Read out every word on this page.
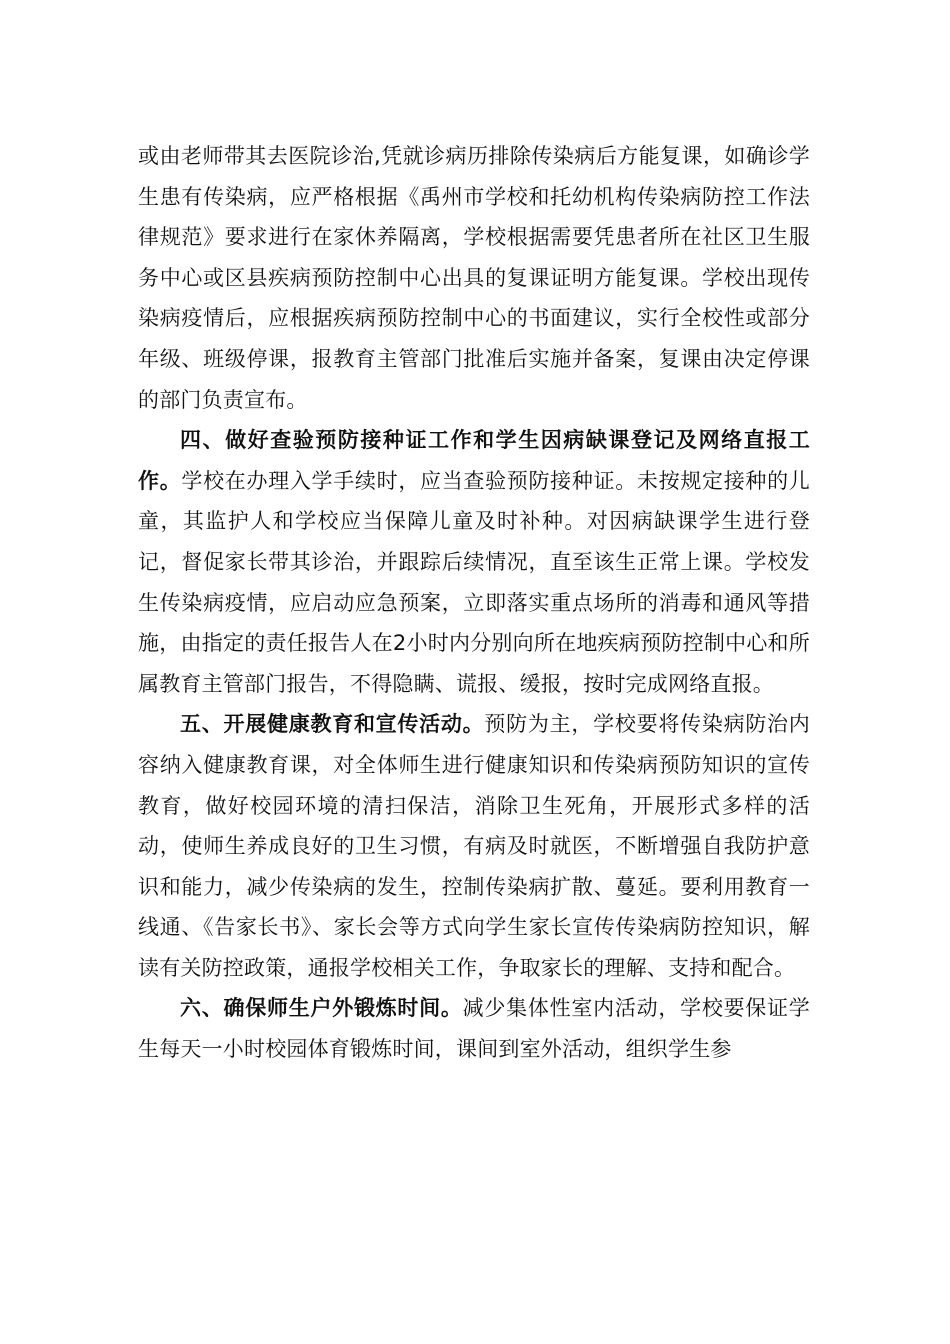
或由老师带其去医院诊治,凭就诊病历排除传染病后方能复课，如确诊学生患有传染病，应严格根据《禹州市学校和托幼机构传染病防控工作法律规范》要求进行在家休养隔离，学校根据需要凭患者所在社区卫生服务中心或区县疾病预防控制中心出具的复课证明方能复课。学校出现传染病疫情后，应根据疾病预防控制中心的书面建议，实行全校性或部分年级、班级停课，报教育主管部门批准后实施并备案，复课由决定停课的部门负责宣布。

四、做好查验预防接种证工作和学生因病缺课登记及网络直报工作。学校在办理入学手续时，应当查验预防接种证。未按规定接种的儿童，其监护人和学校应当保障儿童及时补种。对因病缺课学生进行登记，督促家长带其诊治，并跟踪后续情况，直至该生正常上课。学校发生传染病疫情，应启动应急预案，立即落实重点场所的消毒和通风等措施，由指定的责任报告人在2小时内分别向所在地疾病预防控制中心和所属教育主管部门报告，不得隐瞒、谎报、缓报，按时完成网络直报。

五、开展健康教育和宣传活动。预防为主，学校要将传染病防治内容纳入健康教育课，对全体师生进行健康知识和传染病预防知识的宣传教育，做好校园环境的清扫保洁，消除卫生死角，开展形式多样的活动，使师生养成良好的卫生习惯，有病及时就医，不断增强自我防护意识和能力，减少传染病的发生，控制传染病扩散、蔓延。要利用教育一线通、《告家长书》、家长会等方式向学生家长宣传传染病防控知识，解读有关防控政策，通报学校相关工作，争取家长的理解、支持和配合。

六、确保师生户外锻炼时间。减少集体性室内活动，学校要保证学生每天一小时校园体育锻炼时间，课间到室外活动，组织学生参
